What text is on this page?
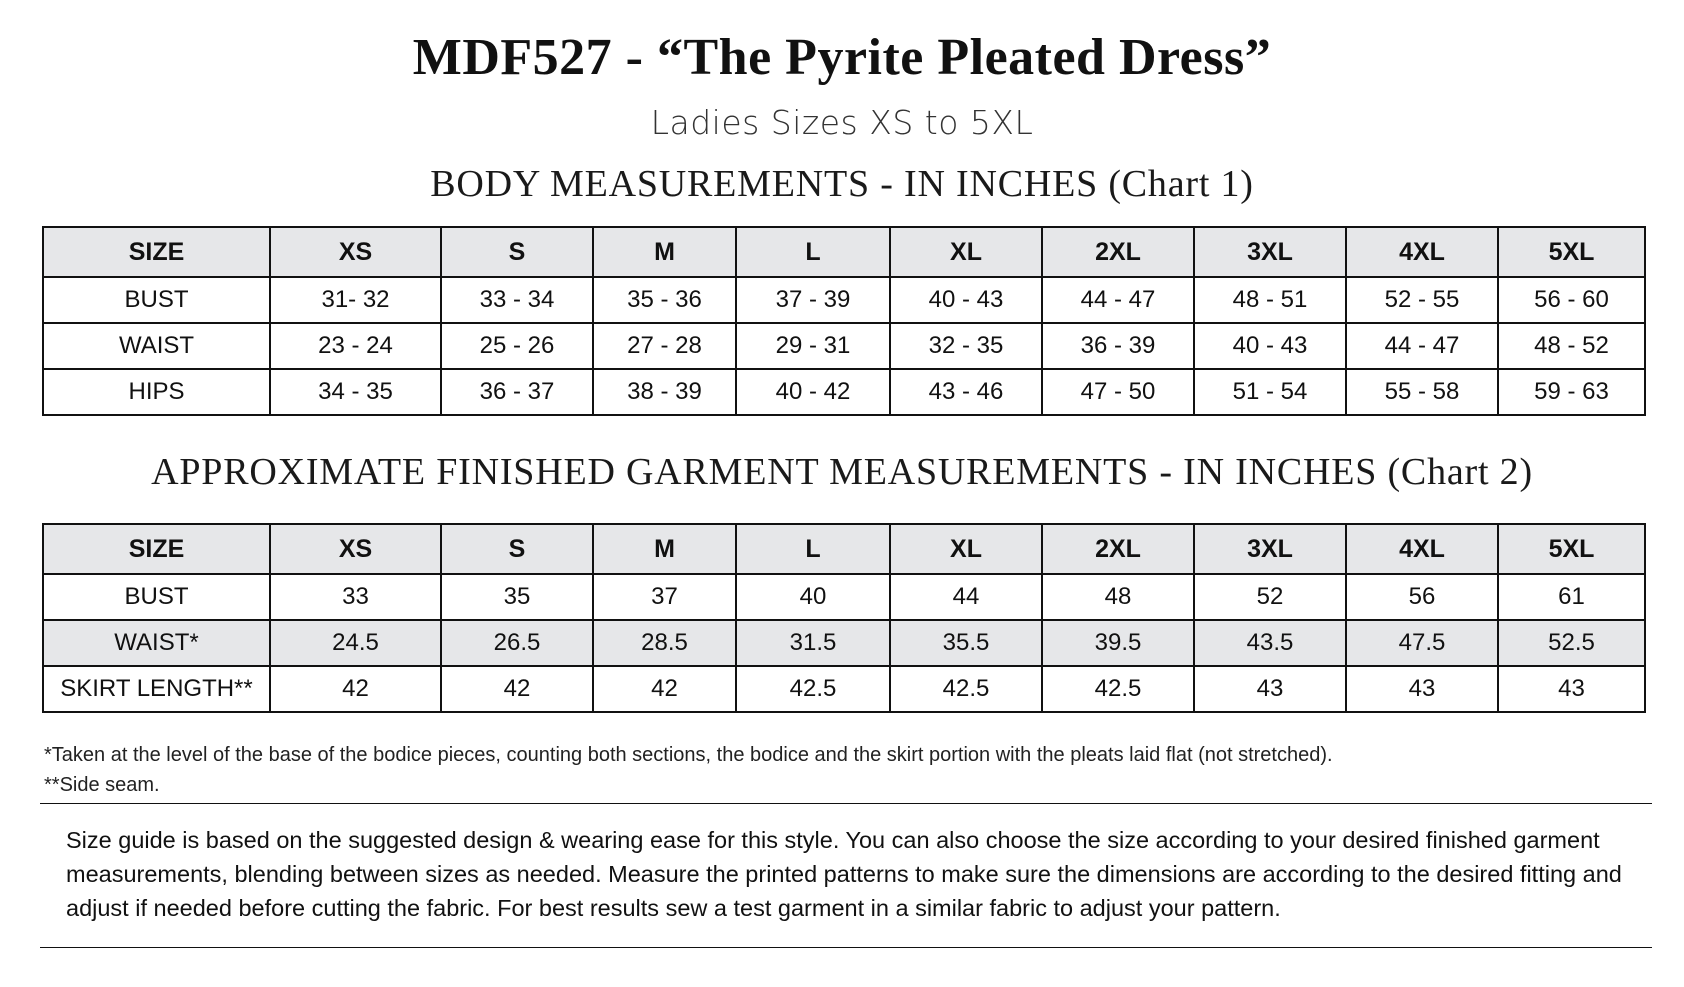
MDF527 - “The Pyrite Pleated Dress”
Ladies Sizes XS to 5XL
BODY MEASUREMENTS - IN INCHES (Chart 1)
SIZE	XS	S	M	L	XL	2XL	3XL	4XL	5XL
BUST	31- 32	33 - 34	35 - 36	37 - 39	40 - 43	44 - 47	48 - 51	52 - 55	56 - 60
WAIST	23 - 24	25 - 26	27 - 28	29 - 31	32 - 35	36 - 39	40 - 43	44 - 47	48 - 52
HIPS	34 - 35	36 - 37	38 - 39	40 - 42	43 - 46	47 - 50	51 - 54	55 - 58	59 - 63
APPROXIMATE FINISHED GARMENT MEASUREMENTS - IN INCHES (Chart 2)
SIZE	XS	S	M	L	XL	2XL	3XL	4XL	5XL
BUST	33	35	37	40	44	48	52	56	61
WAIST*	24.5	26.5	28.5	31.5	35.5	39.5	43.5	47.5	52.5
SKIRT LENGTH**	42	42	42	42.5	42.5	42.5	43	43	43
*Taken at the level of the base of the bodice pieces, counting both sections, the bodice and the skirt portion with the pleats laid flat (not stretched).
**Side seam.
Size guide is based on the suggested design & wearing ease for this style. You can also choose the size according to your desired finished garment measurements, blending between sizes as needed. Measure the printed patterns to make sure the dimensions are according to the desired fitting and adjust if needed before cutting the fabric. For best results sew a test garment in a similar fabric to adjust your pattern.
